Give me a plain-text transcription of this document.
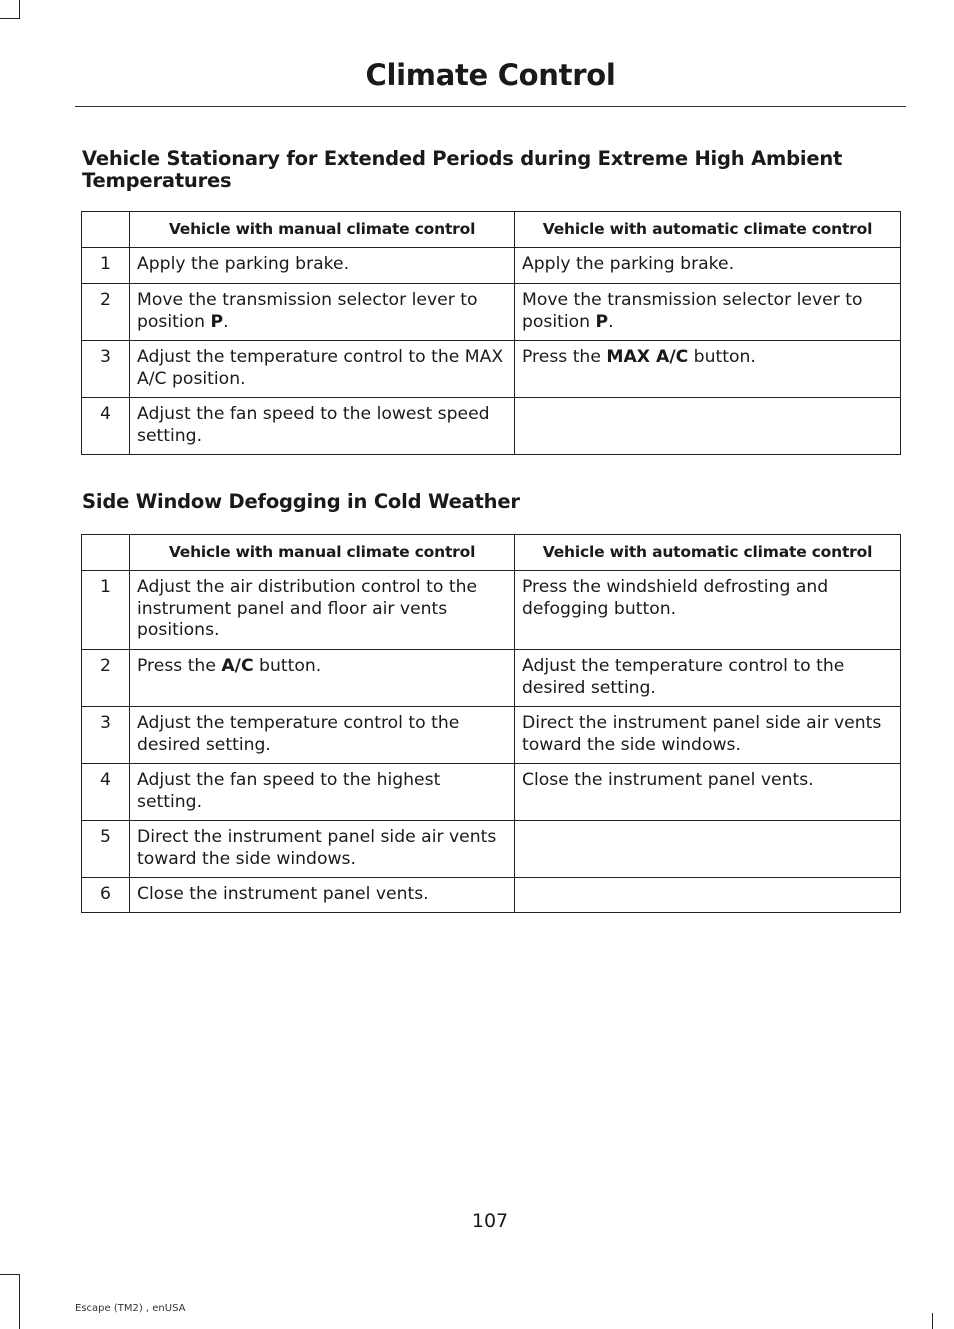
Climate Control
Vehicle Stationary for Extended Periods during Extreme High Ambient Temperatures
	Vehicle with manual climate control	Vehicle with automatic climate control
1	Apply the parking brake.	Apply the parking brake.
2	Move the transmission selector lever to position P.	Move the transmission selector lever to position P.
3	Adjust the temperature control to the MAX A/C position.	Press the MAX A/C button.
4	Adjust the fan speed to the lowest speed setting.	
Side Window Defogging in Cold Weather
	Vehicle with manual climate control	Vehicle with automatic climate control
1	Adjust the air distribution control to the instrument panel and floor air vents positions.	Press the windshield defrosting and defogging button.
2	Press the A/C button.	Adjust the temperature control to the desired setting.
3	Adjust the temperature control to the desired setting.	Direct the instrument panel side air vents toward the side windows.
4	Adjust the fan speed to the highest setting.	Close the instrument panel vents.
5	Direct the instrument panel side air vents toward the side windows.	
6	Close the instrument panel vents.	
107
Escape (TM2) , enUSA
